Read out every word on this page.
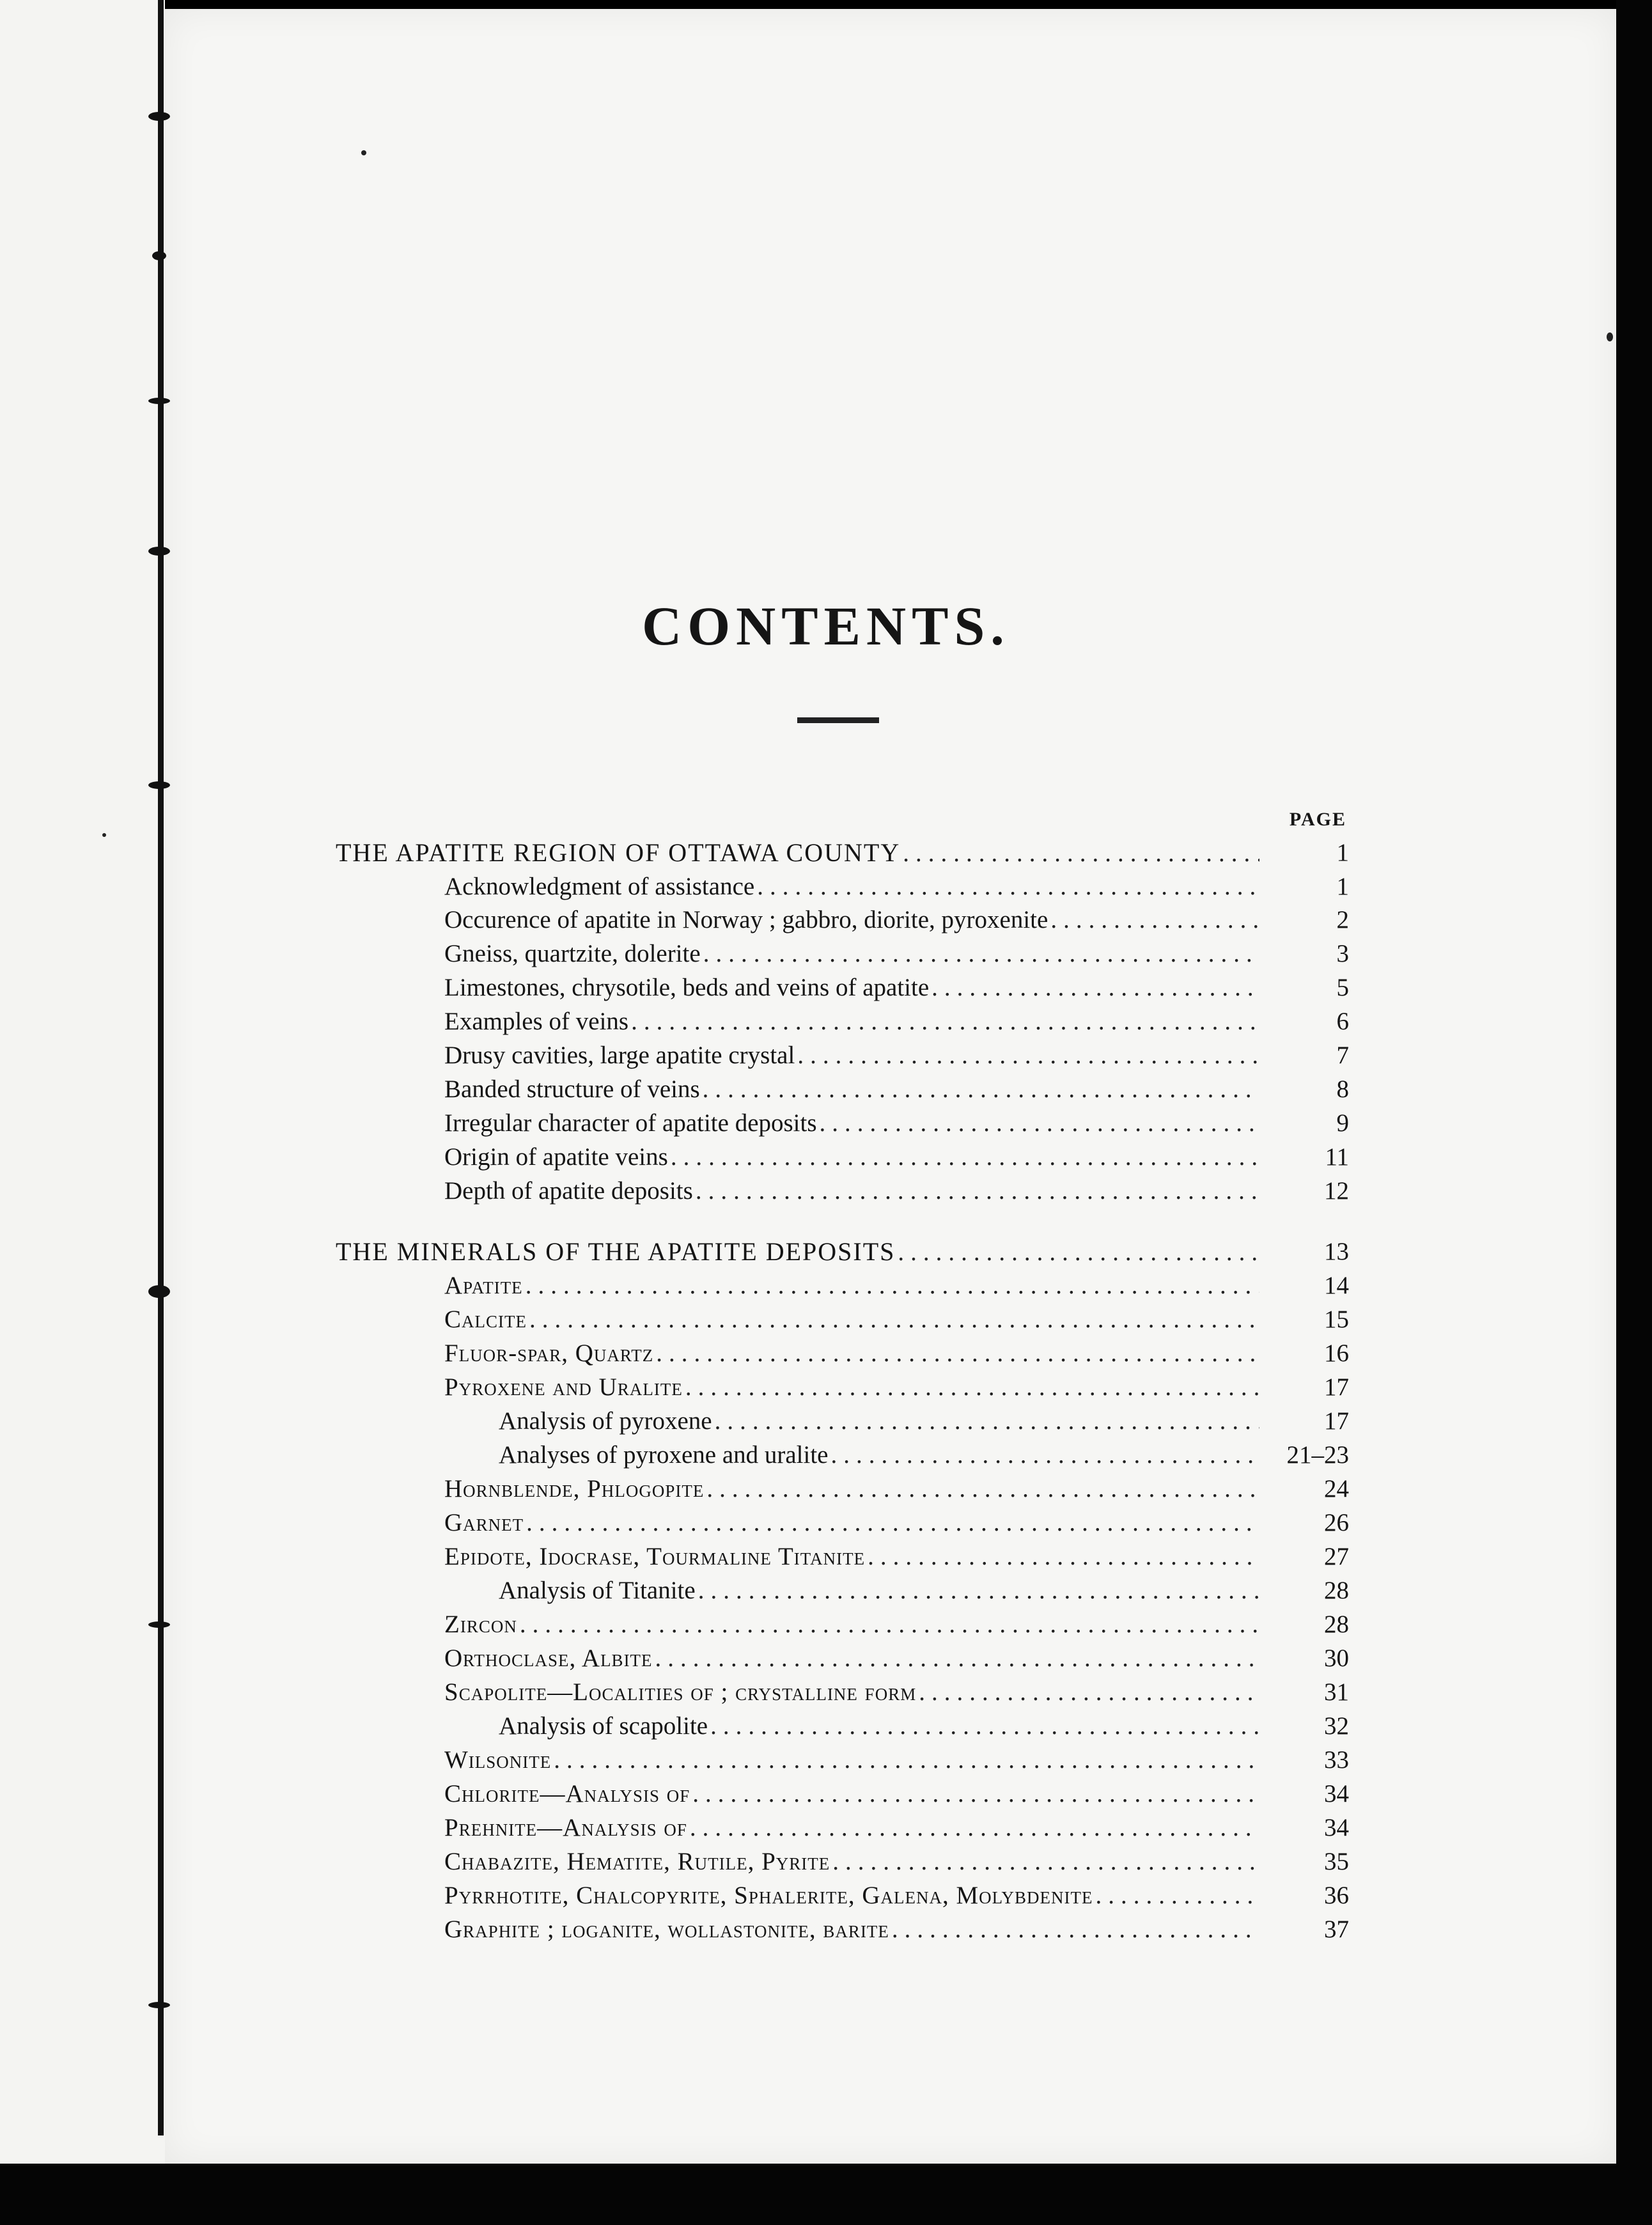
CONTENTS.
PAGE
THE APATITE REGION OF OTTAWA COUNTY .....	1
Acknowledgment of assistance .....	1
Occurence of apatite in Norway ; gabbro, diorite, pyroxenite .....	2
Gneiss, quartzite, dolerite .....	3
Limestones, chrysotile, beds and veins of apatite .....	5
Examples of veins .....	6
Drusy cavities, large apatite crystal .....	7
Banded structure of veins .....	8
Irregular character of apatite deposits .....	9
Origin of apatite veins .....	11
Depth of apatite deposits .....	12
THE MINERALS OF THE APATITE DEPOSITS .....	13
Apatite .....	14
Calcite .....	15
Fluor-spar, Quartz .....	16
Pyroxene and Uralite .....	17
Analysis of pyroxene .....	17
Analyses of pyroxene and uralite .....	21–23
Hornblende, Phlogopite .....	24
Garnet .....	26
Epidote, Idocrase, Tourmaline Titanite .....	27
Analysis of Titanite .....	28
Zircon .....	28
Orthoclase, Albite .....	30
Scapolite—Localities of ; crystalline form .....	31
Analysis of scapolite .....	32
Wilsonite .....	33
Chlorite—Analysis of .....	34
Prehnite—Analysis of .....	34
Chabazite, Hematite, Rutile, Pyrite .....	35
Pyrrhotite, Chalcopyrite, Sphalerite, Galena, Molybdenite .....	36
Graphite ; loganite, wollastonite, barite .....	37
